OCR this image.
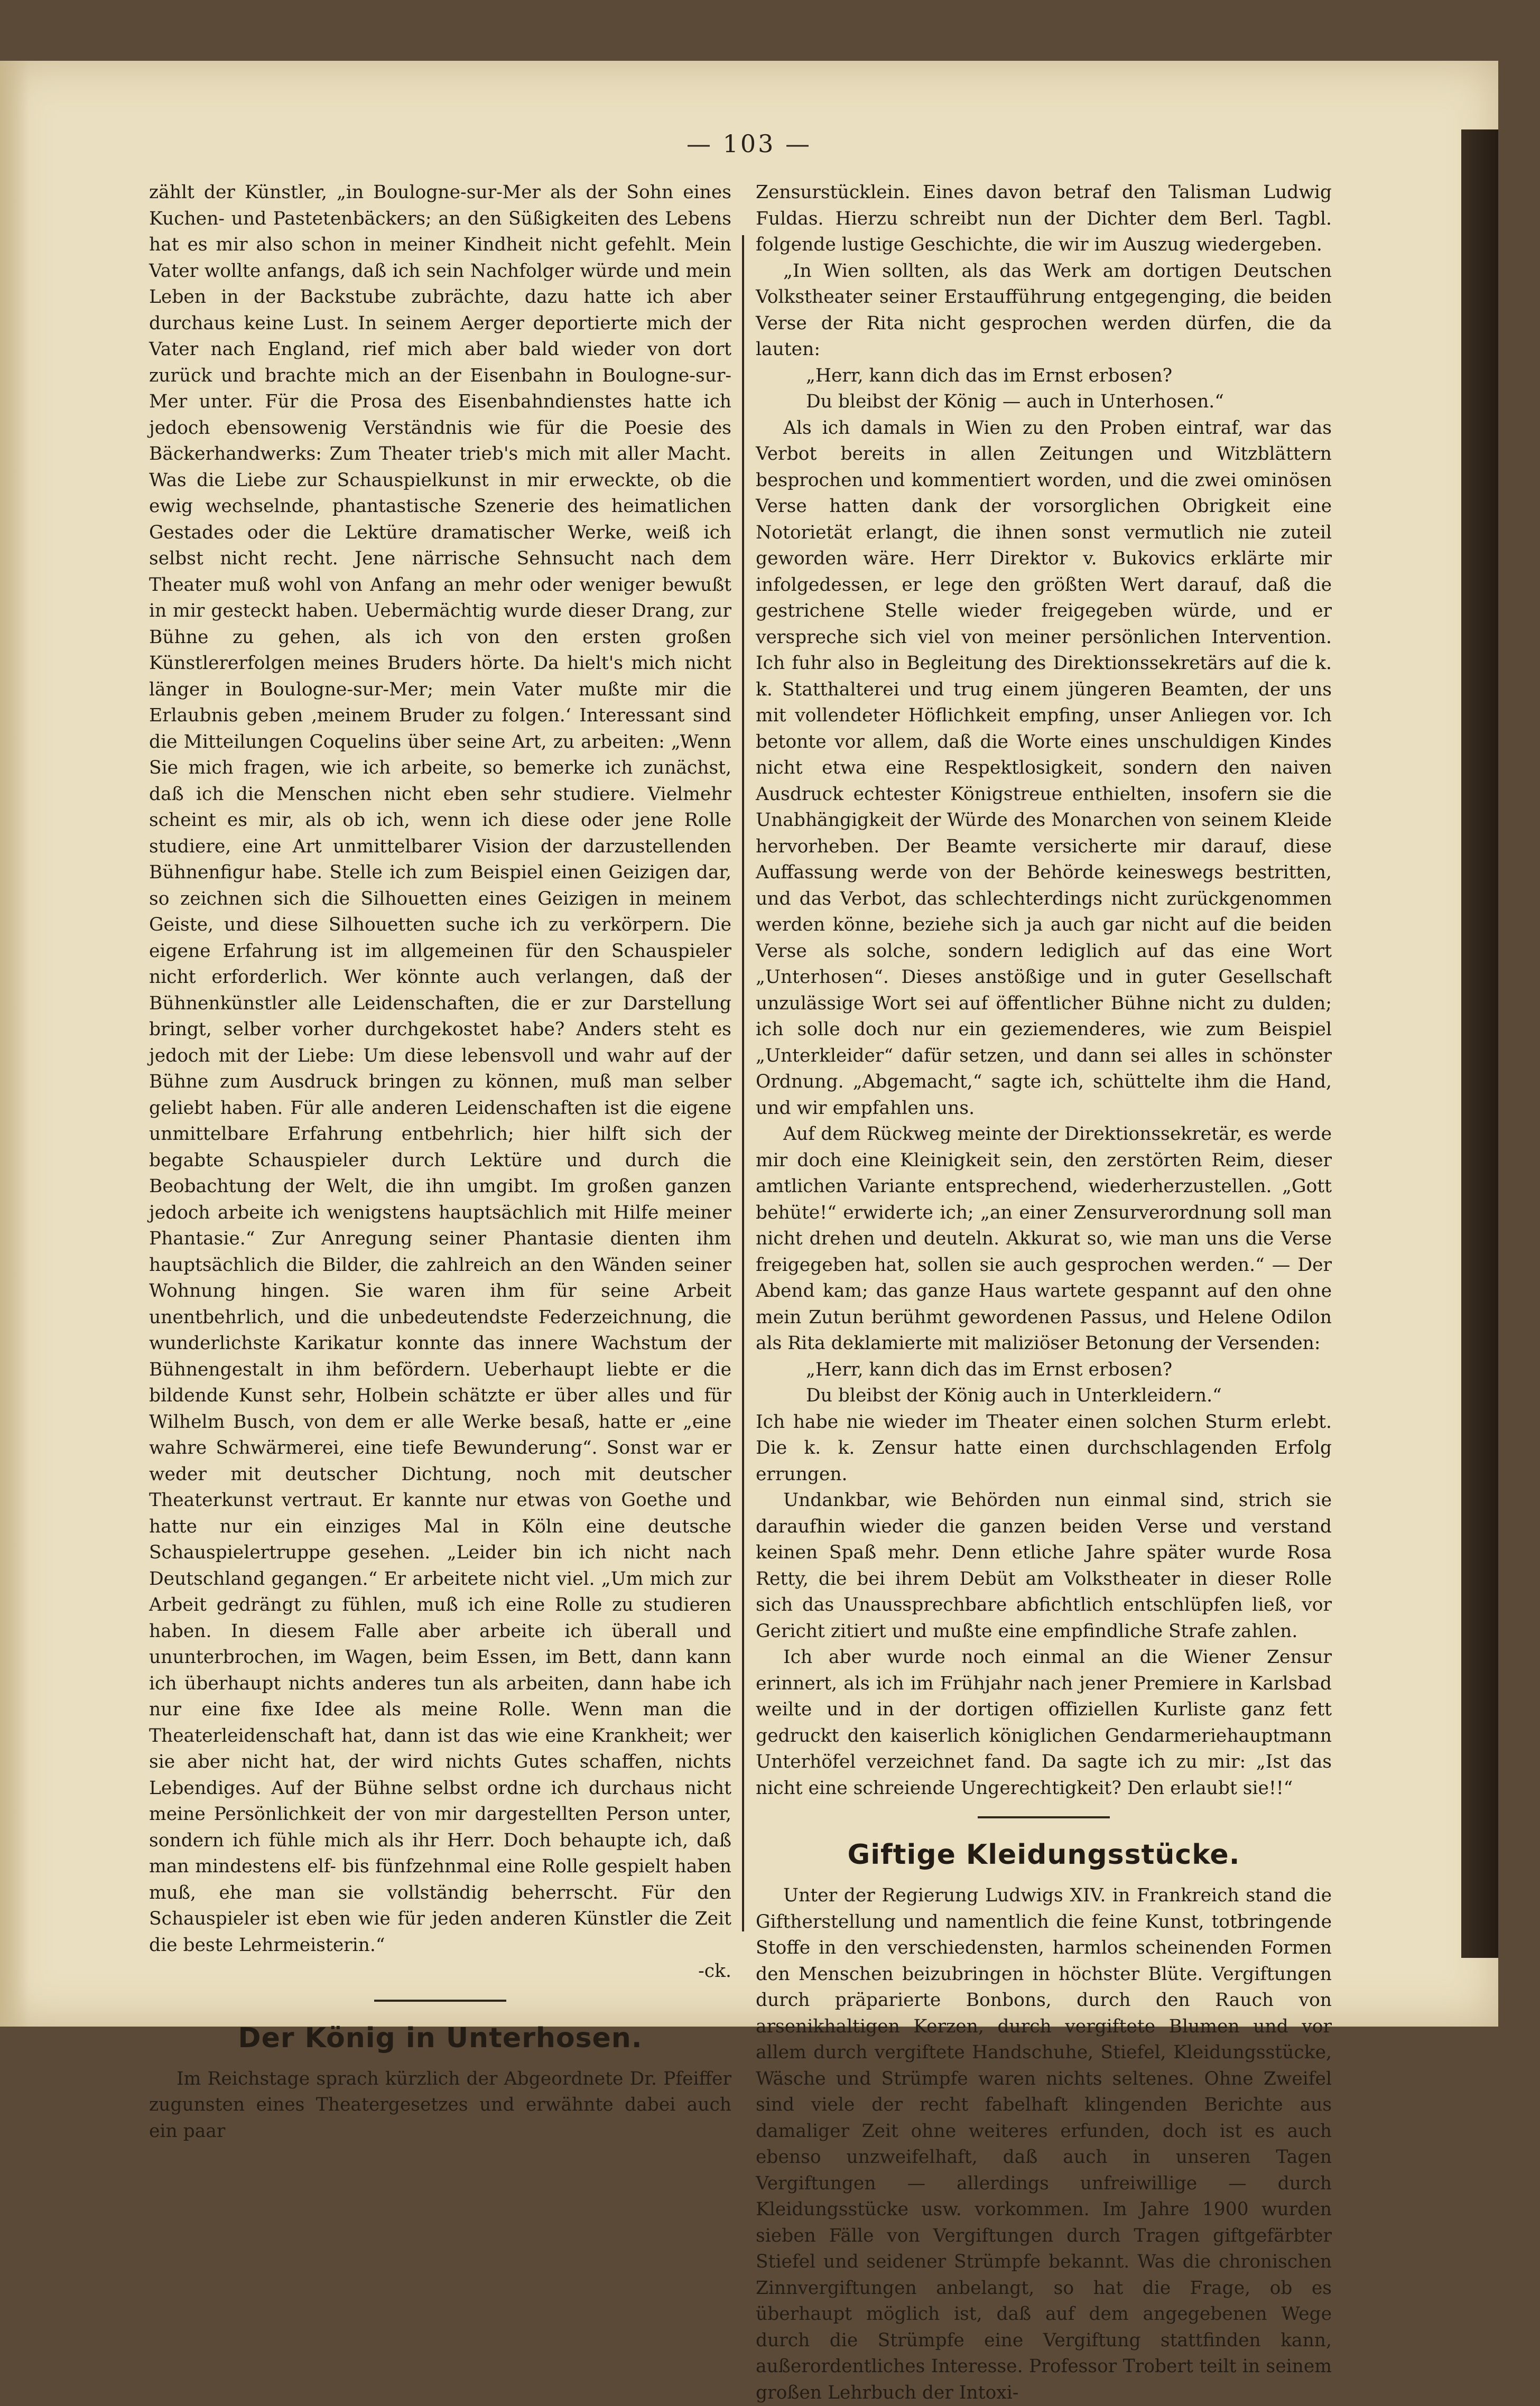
— 103 —

zählt der Künstler, „in Boulogne-sur-Mer als der Sohn eines Kuchen- und Pastetenbäckers; an den Süßigkeiten des Lebens hat es mir also schon in meiner Kindheit nicht gefehlt. Mein Vater wollte anfangs, daß ich sein Nachfolger würde und mein Leben in der Backstube zubrächte, dazu hatte ich aber durchaus keine Lust. In seinem Aerger deportierte mich der Vater nach England, rief mich aber bald wieder von dort zurück und brachte mich an der Eisenbahn in Boulogne-sur-Mer unter. Für die Prosa des Eisenbahndienstes hatte ich jedoch ebensowenig Verständnis wie für die Poesie des Bäckerhandwerks: Zum Theater trieb's mich mit aller Macht. Was die Liebe zur Schauspielkunst in mir erweckte, ob die ewig wechselnde, phantastische Szenerie des heimatlichen Gestades oder die Lektüre dramatischer Werke, weiß ich selbst nicht recht. Jene närrische Sehnsucht nach dem Theater muß wohl von Anfang an mehr oder weniger bewußt in mir gesteckt haben. Uebermächtig wurde dieser Drang, zur Bühne zu gehen, als ich von den ersten großen Künstlererfolgen meines Bruders hörte. Da hielt's mich nicht länger in Boulogne-sur-Mer; mein Vater mußte mir die Erlaubnis geben ‚meinem Bruder zu folgen.‘ Interessant sind die Mitteilungen Coquelins über seine Art, zu arbeiten: „Wenn Sie mich fragen, wie ich arbeite, so bemerke ich zunächst, daß ich die Menschen nicht eben sehr studiere. Vielmehr scheint es mir, als ob ich, wenn ich diese oder jene Rolle studiere, eine Art unmittelbarer Vision der darzustellenden Bühnenfigur habe. Stelle ich zum Beispiel einen Geizigen dar, so zeichnen sich die Silhouetten eines Geizigen in meinem Geiste, und diese Silhouetten suche ich zu verkörpern. Die eigene Erfahrung ist im allgemeinen für den Schauspieler nicht erforderlich. Wer könnte auch verlangen, daß der Bühnenkünstler alle Leidenschaften, die er zur Darstellung bringt, selber vorher durchgekostet habe? Anders steht es jedoch mit der Liebe: Um diese lebensvoll und wahr auf der Bühne zum Ausdruck bringen zu können, muß man selber geliebt haben. Für alle anderen Leidenschaften ist die eigene unmittelbare Erfahrung entbehrlich; hier hilft sich der begabte Schauspieler durch Lektüre und durch die Beobachtung der Welt, die ihn umgibt. Im großen ganzen jedoch arbeite ich wenigstens hauptsächlich mit Hilfe meiner Phantasie.“ Zur Anregung seiner Phantasie dienten ihm hauptsächlich die Bilder, die zahlreich an den Wänden seiner Wohnung hingen. Sie waren ihm für seine Arbeit unentbehrlich, und die unbedeutendste Federzeichnung, die wunderlichste Karikatur konnte das innere Wachstum der Bühnengestalt in ihm befördern. Ueberhaupt liebte er die bildende Kunst sehr, Holbein schätzte er über alles und für Wilhelm Busch, von dem er alle Werke besaß, hatte er „eine wahre Schwärmerei, eine tiefe Bewunderung“. Sonst war er weder mit deutscher Dichtung, noch mit deutscher Theaterkunst vertraut. Er kannte nur etwas von Goethe und hatte nur ein einziges Mal in Köln eine deutsche Schauspielertruppe gesehen. „Leider bin ich nicht nach Deutschland gegangen.“ Er arbeitete nicht viel. „Um mich zur Arbeit gedrängt zu fühlen, muß ich eine Rolle zu studieren haben. In diesem Falle aber arbeite ich überall und ununterbrochen, im Wagen, beim Essen, im Bett, dann kann ich überhaupt nichts anderes tun als arbeiten, dann habe ich nur eine fixe Idee als meine Rolle. Wenn man die Theaterleidenschaft hat, dann ist das wie eine Krankheit; wer sie aber nicht hat, der wird nichts Gutes schaffen, nichts Lebendiges. Auf der Bühne selbst ordne ich durchaus nicht meine Persönlichkeit der von mir dargestellten Person unter, sondern ich fühle mich als ihr Herr. Doch behaupte ich, daß man mindestens elf- bis fünfzehnmal eine Rolle gespielt haben muß, ehe man sie vollständig beherrscht. Für den Schauspieler ist eben wie für jeden anderen Künstler die Zeit die beste Lehrmeisterin.“

-ck.

Der König in Unterhosen.

Im Reichstage sprach kürzlich der Abgeordnete Dr. Pfeiffer zugunsten eines Theatergesetzes und erwähnte dabei auch ein paar

Zensurstücklein. Eines davon betraf den Talisman Ludwig Fuldas. Hierzu schreibt nun der Dichter dem Berl. Tagbl. folgende lustige Geschichte, die wir im Auszug wiedergeben.

„In Wien sollten, als das Werk am dortigen Deutschen Volkstheater seiner Erstaufführung entgegenging, die beiden Verse der Rita nicht gesprochen werden dürfen, die da lauten:

„Herr, kann dich das im Ernst erbosen?
Du bleibst der König — auch in Unterhosen.“

Als ich damals in Wien zu den Proben eintraf, war das Verbot bereits in allen Zeitungen und Witzblättern besprochen und kommentiert worden, und die zwei ominösen Verse hatten dank der vorsorglichen Obrigkeit eine Notorietät erlangt, die ihnen sonst vermutlich nie zuteil geworden wäre. Herr Direktor v. Bukovics erklärte mir infolgedessen, er lege den größten Wert darauf, daß die gestrichene Stelle wieder freigegeben würde, und er verspreche sich viel von meiner persönlichen Intervention. Ich fuhr also in Begleitung des Direktionssekretärs auf die k. k. Statthalterei und trug einem jüngeren Beamten, der uns mit vollendeter Höflichkeit empfing, unser Anliegen vor. Ich betonte vor allem, daß die Worte eines unschuldigen Kindes nicht etwa eine Respektlosigkeit, sondern den naiven Ausdruck echtester Königstreue enthielten, insofern sie die Unabhängigkeit der Würde des Monarchen von seinem Kleide hervorheben. Der Beamte versicherte mir darauf, diese Auffassung werde von der Behörde keineswegs bestritten, und das Verbot, das schlechterdings nicht zurückgenommen werden könne, beziehe sich ja auch gar nicht auf die beiden Verse als solche, sondern lediglich auf das eine Wort „Unterhosen“. Dieses anstößige und in guter Gesellschaft unzulässige Wort sei auf öffentlicher Bühne nicht zu dulden; ich solle doch nur ein geziemenderes, wie zum Beispiel „Unterkleider“ dafür setzen, und dann sei alles in schönster Ordnung. „Abgemacht,“ sagte ich, schüttelte ihm die Hand, und wir empfahlen uns.

Auf dem Rückweg meinte der Direktionssekretär, es werde mir doch eine Kleinigkeit sein, den zerstörten Reim, dieser amtlichen Variante entsprechend, wiederherzustellen. „Gott behüte!“ erwiderte ich; „an einer Zensurverordnung soll man nicht drehen und deuteln. Akkurat so, wie man uns die Verse freigegeben hat, sollen sie auch gesprochen werden.“ — Der Abend kam; das ganze Haus wartete gespannt auf den ohne mein Zutun berühmt gewordenen Passus, und Helene Odilon als Rita deklamierte mit maliziöser Betonung der Versenden:

„Herr, kann dich das im Ernst erbosen?
Du bleibst der König auch in Unterkleidern.“

Ich habe nie wieder im Theater einen solchen Sturm erlebt. Die k. k. Zensur hatte einen durchschlagenden Erfolg errungen.

Undankbar, wie Behörden nun einmal sind, strich sie daraufhin wieder die ganzen beiden Verse und verstand keinen Spaß mehr. Denn etliche Jahre später wurde Rosa Retty, die bei ihrem Debüt am Volkstheater in dieser Rolle sich das Unaussprechbare abfichtlich entschlüpfen ließ, vor Gericht zitiert und mußte eine empfindliche Strafe zahlen.

Ich aber wurde noch einmal an die Wiener Zensur erinnert, als ich im Frühjahr nach jener Premiere in Karlsbad weilte und in der dortigen offiziellen Kurliste ganz fett gedruckt den kaiserlich königlichen Gendarmeriehauptmann Unterhöfel verzeichnet fand. Da sagte ich zu mir: „Ist das nicht eine schreiende Ungerechtigkeit? Den erlaubt sie!!“

Giftige Kleidungsstücke.

Unter der Regierung Ludwigs XIV. in Frankreich stand die Giftherstellung und namentlich die feine Kunst, totbringende Stoffe in den verschiedensten, harmlos scheinenden Formen den Menschen beizubringen in höchster Blüte. Vergiftungen durch präparierte Bonbons, durch den Rauch von arsenikhaltigen Kerzen, durch vergiftete Blumen und vor allem durch vergiftete Handschuhe, Stiefel, Kleidungsstücke, Wäsche und Strümpfe waren nichts seltenes. Ohne Zweifel sind viele der recht fabelhaft klingenden Berichte aus damaliger Zeit ohne weiteres erfunden, doch ist es auch ebenso unzweifelhaft, daß auch in unseren Tagen Vergiftungen — allerdings unfreiwillige — durch Kleidungsstücke usw. vorkommen. Im Jahre 1900 wurden sieben Fälle von Vergiftungen durch Tragen giftgefärbter Stiefel und seidener Strümpfe bekannt. Was die chronischen Zinnvergiftungen anbelangt, so hat die Frage, ob es überhaupt möglich ist, daß auf dem angegebenen Wege durch die Strümpfe eine Vergiftung stattfinden kann, außerordentliches Interesse. Professor Trobert teilt in seinem großen Lehrbuch der Intoxi-
